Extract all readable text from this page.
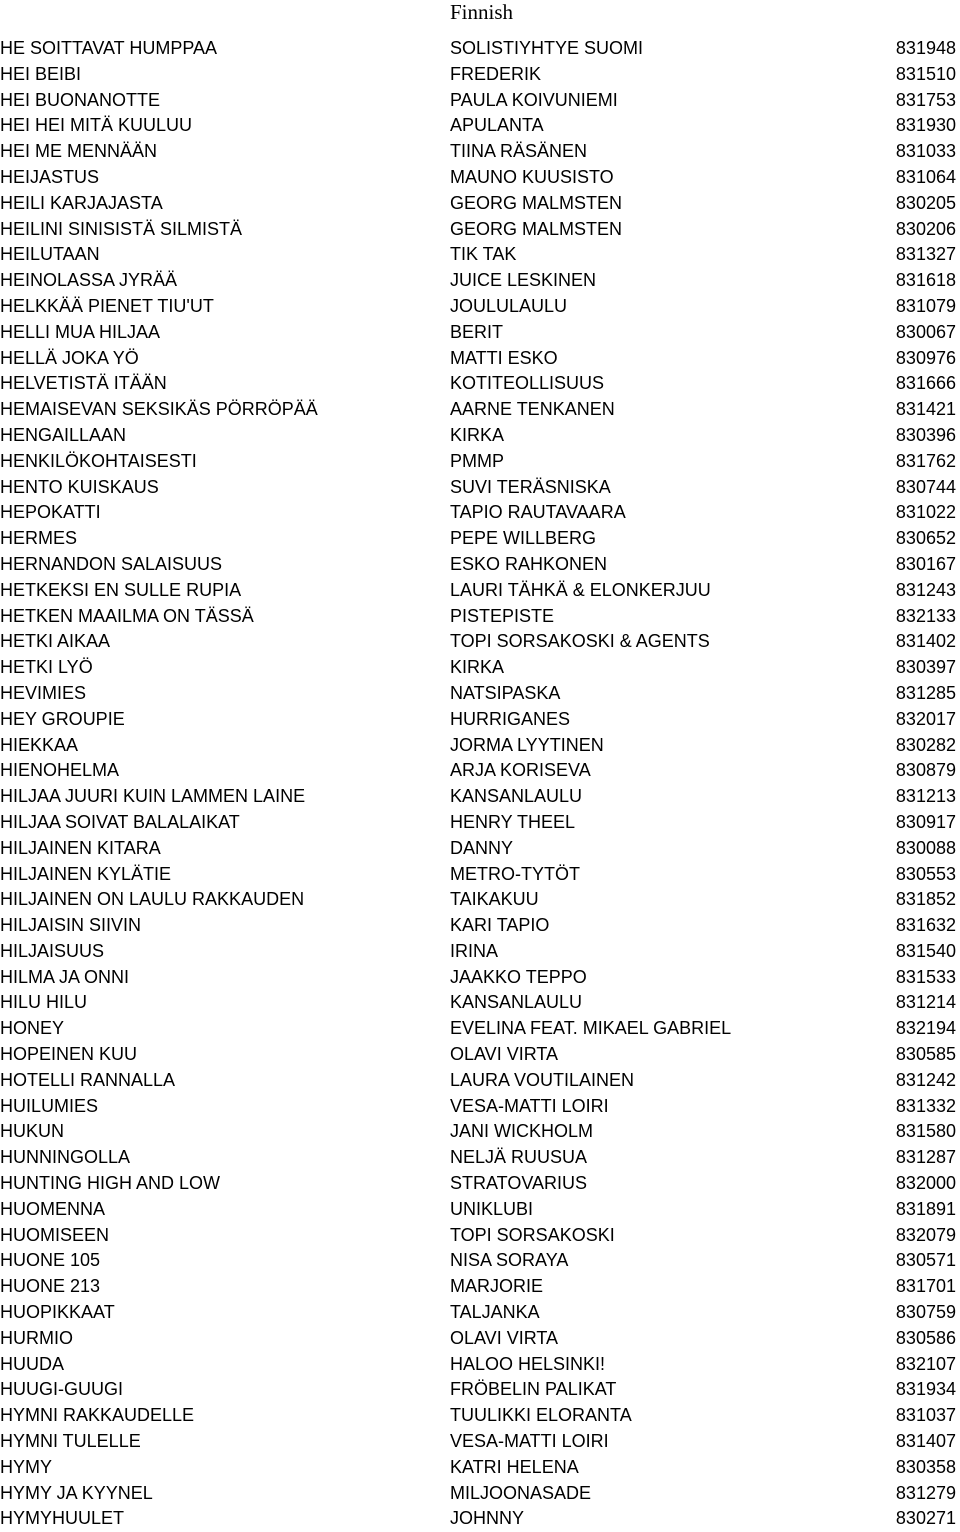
Finnish
HE SOITTAVAT HUMPPAA	SOLISTIYHTYE SUOMI	831948
HEI BEIBI	FREDERIK	831510
HEI BUONANOTTE	PAULA KOIVUNIEMI	831753
HEI HEI MITÄ KUULUU	APULANTA	831930
HEI ME MENNÄÄN	TIINA RÄSÄNEN	831033
HEIJASTUS	MAUNO KUUSISTO	831064
HEILI KARJAJASTA	GEORG MALMSTEN	830205
HEILINI SINISISTÄ SILMISTÄ	GEORG MALMSTEN	830206
HEILUTAAN	TIK TAK	831327
HEINOLASSA JYRÄÄ	JUICE LESKINEN	831618
HELKKÄÄ PIENET TIU'UT	JOULULAULU	831079
HELLI MUA HILJAA	BERIT	830067
HELLÄ JOKA YÖ	MATTI ESKO	830976
HELVETISTÄ ITÄÄN	KOTITEOLLISUUS	831666
HEMAISEVAN SEKSIKÄS PÖRRÖPÄÄ	AARNE TENKANEN	831421
HENGAILLAAN	KIRKA	830396
HENKILÖKOHTAISESTI	PMMP	831762
HENTO KUISKAUS	SUVI TERÄSNISKA	830744
HEPOKATTI	TAPIO RAUTAVAARA	831022
HERMES	PEPE WILLBERG	830652
HERNANDON SALAISUUS	ESKO RAHKONEN	830167
HETKEKSI EN SULLE RUPIA	LAURI TÄHKÄ & ELONKERJUU	831243
HETKEN MAAILMA ON TÄSSÄ	PISTEPISTE	832133
HETKI AIKAA	TOPI SORSAKOSKI & AGENTS	831402
HETKI LYÖ	KIRKA	830397
HEVIMIES	NATSIPASKA	831285
HEY GROUPIE	HURRIGANES	832017
HIEKKAA	JORMA LYYTINEN	830282
HIENOHELMA	ARJA KORISEVA	830879
HILJAA JUURI KUIN LAMMEN LAINE	KANSANLAULU	831213
HILJAA SOIVAT BALALAIKAT	HENRY THEEL	830917
HILJAINEN KITARA	DANNY	830088
HILJAINEN KYLÄTIE	METRO-TYTÖT	830553
HILJAINEN ON LAULU RAKKAUDEN	TAIKAKUU	831852
HILJAISIN SIIVIN	KARI TAPIO	831632
HILJAISUUS	IRINA	831540
HILMA JA ONNI	JAAKKO TEPPO	831533
HILU HILU	KANSANLAULU	831214
HONEY	EVELINA FEAT. MIKAEL GABRIEL	832194
HOPEINEN KUU	OLAVI VIRTA	830585
HOTELLI RANNALLA	LAURA VOUTILAINEN	831242
HUILUMIES	VESA-MATTI LOIRI	831332
HUKUN	JANI WICKHOLM	831580
HUNNINGOLLA	NELJÄ RUUSUA	831287
HUNTING HIGH AND LOW	STRATOVARIUS	832000
HUOMENNA	UNIKLUBI	831891
HUOMISEEN	TOPI SORSAKOSKI	832079
HUONE 105	NISA SORAYA	830571
HUONE 213	MARJORIE	831701
HUOPIKKAAT	TALJANKA	830759
HURMIO	OLAVI VIRTA	830586
HUUDA	HALOO HELSINKI!	832107
HUUGI-GUUGI	FRÖBELIN PALIKAT	831934
HYMNI RAKKAUDELLE	TUULIKKI ELORANTA	831037
HYMNI TULELLE	VESA-MATTI LOIRI	831407
HYMY	KATRI HELENA	830358
HYMY JA KYYNEL	MILJOONASADE	831279
HYMYHUULET	JOHNNY	830271
